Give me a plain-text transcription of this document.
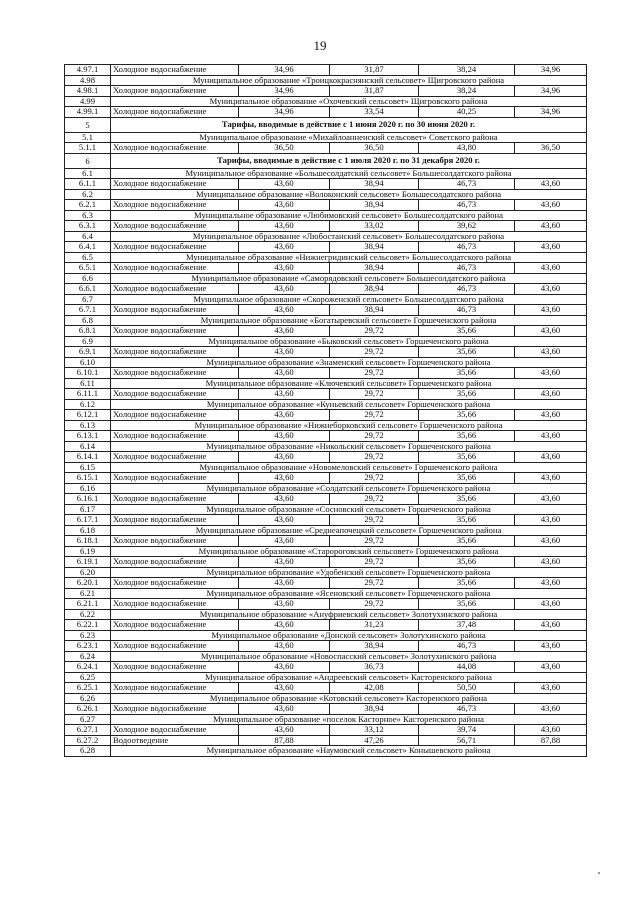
19
4.97.1	Холодное водоснабжение	34,96	31,87	38,24	34,96
4.98	Муниципальное образование «Троицкокраснянский сельсовет» Щигровского района				
4.98.1	Холодное водоснабжение	34,96	31,87	38,24	34,96
4.99	Муниципальное образование «Охочевский сельсовет» Щигровского района				
4.99.1	Холодное водоснабжение	34,96	33,54	40,25	34,96
5	Тарифы, вводимые в действие с 1 июня 2020 г. по 30 июня 2020 г.				
5.1	Муниципальное образование «Михайлоанненский сельсовет» Советского района				
5.1.1	Холодное водоснабжение	36,50	36,50	43,80	36,50
6	Тарифы, вводимые в действие с 1 июля 2020 г. по 31 декабря 2020 г.				
6.1	Муниципальное образование «Большесолдатский сельсовет» Большесолдатского района				
6.1.1	Холодное водоснабжение	43,60	38,94	46,73	43,60
6.2	Муниципальное образование «Волоконский сельсовет» Большесолдатского района				
6.2.1	Холодное водоснабжение	43,60	38,94	46,73	43,60
6.3	Муниципальное образование «Любимовский сельсовет» Большесолдатского района				
6.3.1	Холодное водоснабжение	43,60	33,02	39,62	43,60
6.4	Муниципальное образование «Любостанский сельсовет» Большесолдатского района				
6.4.1	Холодное водоснабжение	43,60	38,94	46,73	43,60
6.5	Муниципальное образование «Нижнегридинский сельсовет» Большесолдатского района				
6.5.1	Холодное водоснабжение	43,60	38,94	46,73	43,60
6.6	Муниципальное образование «Саморядовский сельсовет» Большесолдатского района				
6.6.1	Холодное водоснабжение	43,60	38,94	46,73	43,60
6.7	Муниципальное образование «Скороженский сельсовет» Большесолдатского района				
6.7.1	Холодное водоснабжение	43,60	38,94	46,73	43,60
6.8	Муниципальное образование «Богатыревский сельсовет» Горшеченского района				
6.8.1	Холодное водоснабжение	43,60	29,72	35,66	43,60
6.9	Муниципальное образование «Быковский сельсовет» Горшеченского района				
6.9.1	Холодное водоснабжение	43,60	29,72	35,66	43,60
6.10	Муниципальное образование «Знаменский сельсовет» Горшеченского района				
6.10.1	Холодное водоснабжение	43,60	29,72	35,66	43,60
6.11	Муниципальное образование «Ключевский сельсовет» Горшеченского района				
6.11.1	Холодное водоснабжение	43,60	29,72	35,66	43,60
6.12	Муниципальное образование «Куньевский сельсовет» Горшеченского района				
6.12.1	Холодное водоснабжение	43,60	29,72	35,66	43,60
6.13	Муниципальное образование «Нижнеборковский сельсовет» Горшеченского района				
6.13.1	Холодное водоснабжение	43,60	29,72	35,66	43,60
6.14	Муниципальное образование «Никольский сельсовет» Горшеченского района				
6.14.1	Холодное водоснабжение	43,60	29,72	35,66	43,60
6.15	Муниципальное образование «Новомеловский сельсовет» Горшеченского района				
6.15.1	Холодное водоснабжение	43,60	29,72	35,66	43,60
6.16	Муниципальное образование «Солдатский сельсовет» Горшеченского района				
6.16.1	Холодное водоснабжение	43,60	29,72	35,66	43,60
6.17	Муниципальное образование «Сосновский сельсовет» Горшеченского района				
6.17.1	Холодное водоснабжение	43,60	29,72	35,66	43,60
6.18	Муниципальное образование «Среднеапочецкий сельсовет» Горшеченского района				
6.18.1	Холодное водоснабжение	43,60	29,72	35,66	43,60
6.19	Муниципальное образование «Старороговский сельсовет» Горшеченского района				
6.19.1	Холодное водоснабжение	43,60	29,72	35,66	43,60
6.20	Муниципальное образование «Удобенский сельсовет» Горшеченского района				
6.20.1	Холодное водоснабжение	43,60	29,72	35,66	43,60
6.21	Муниципальное образование «Ясеновский сельсовет» Горшеченского района				
6.21.1	Холодное водоснабжение	43,60	29,72	35,66	43,60
6.22	Муниципальное образование «Ануфриевский сельсовет» Золотухинского района				
6.22.1	Холодное водоснабжение	43,60	31,23	37,48	43,60
6.23	Муниципальное образование «Донской сельсовет» Золотухинского района				
6.23.1	Холодное водоснабжение	43,60	38,94	46,73	43,60
6.24	Муниципальное образование «Новоспасский сельсовет» Золотухинского района				
6.24.1	Холодное водоснабжение	43,60	36,73	44,08	43,60
6.25	Муниципальное образование «Андреевский сельсовет» Касторенского района				
6.25.1	Холодное водоснабжение	43,60	42,08	50,50	43,60
6.26	Муниципальное образование «Котовский сельсовет» Касторенского района				
6.26.1	Холодное водоснабжение	43,60	38,94	46,73	43,60
6.27	Муниципальное образование «поселок Касторное» Касторенского района				
6.27.1	Холодное водоснабжение	43,60	33,12	39,74	43,60
6.27.2	Водоотведение	87,88	47,26	56,71	87,88
6.28	Муниципальное образование «Наумовский сельсовет» Конышевского района				
